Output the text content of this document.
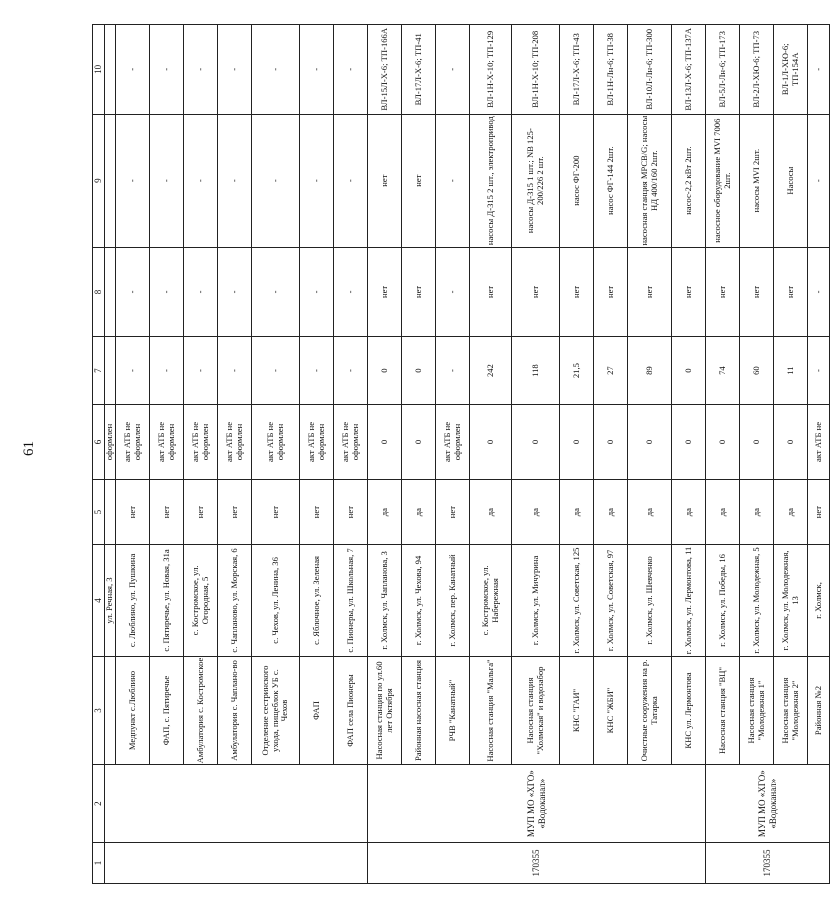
61
1	2	3	4	5	6	7	8	9	10
			ул. Речная, 3		оформлен				
		Медпункт с.Люблино	с. Люблино, ул. Пушкина	нет	акт АТБ не оформлен	-	-	-	-
		ФАП, с. Пятиречье	с. Пятиречье, ул. Новая, 31а	нет	акт АТБ не оформлен	-	-	-	-
		Амбулатория с. Костромское	с. Костромское, ул. Огородная, 5	нет	акт АТБ не оформлен	-	-	-	-
		Амбулатория с. Чаплано-во	с. Чапланово, ул. Морская, 6	нет	акт АТБ не оформлен	-	-	-	-
		Отделение сестринского ухода, пищеблок УБ с. Чехов	с. Чехов, ул. Ленина, 36	нет	акт АТБ не оформлен	-	-	-	-
		ФАП	с. Яблочное, ул. Зеленая	нет	акт АТБ не оформлен	-	-	-	-
		ФАП села Пионеры	с. Пионеры, ул. Школьная, 7	нет	акт АТБ не оформлен	-	-	-	-
170355	МУП МО «ХГО» «Водоканал»	Насосная станция по ул.60 лет Октября	г. Холмск, ул. Чапланова, 3	да	0	0	нет	нет	ВЛ-15Л-Х-6; ТП-166А
		Районная насосная станция	г. Холмск, ул. Чехова, 94	да	0	0	нет	нет	ВЛ-17Л-Х-6; ТП-41
		РЧВ "Канатный"	г. Холмск, пер. Канатный	нет	акт АТБ не оформлен	-	-	-	-
		Насосная станция "Мальга"	с. Костромское, ул. Набережная	да	0	242	нет	насосы Д-315 2 шт., электропривод	ВЛ-1Н-Х-10; ТП-129
		Насосная станция "Холмская" и водозабор	г. Холмск, ул. Мичурина	да	0	118	нет	насосы Д-315 1 шт.; NB 125-200/226 2 шт.	ВЛ-1Н-Х-10; ТП-208
		КНС "ГАИ"	г. Холмск, ул. Советская, 125	да	0	21,5	нет	насос ФГ-200	ВЛ-17Л-Х-6; ТП-43
		КНС "ЖБИ"	г. Холмск, ул. Советская, 97	да	0	27	нет	насос ФГ-144 2шт.	ВЛ-1Н-Лн-6; ТП-38
		Очистные сооружения на р. Татарка	г. Холмск, ул. Шевченко	да	0	89	нет	насосная станция MPCB/G; насосы НД 400/160 2шт.	ВЛ-10Л-Лн-6; ТП-300
		КНС ул. Лермонтова	г. Холмск, ул. Лермонтова, 11	да	0	0	нет	насос-2,2 кВт 2шт.	ВЛ-13Л-Х-6; ТП-137А
170355	МУП МО «ХГО» «Водоканал»	Насосная станция "ВЦ"	г. Холмск, ул. Победы, 16	да	0	74	нет	насосное оборудование MVI 7006 2шт.	ВЛ-5Л-Лн-6; ТП-173
		Насосная станция "Молодежная 1"	г. Холмск, ул. Молодежная, 5	да	0	60	нет	насосы MVI 2шт.	ВЛ-2Л-ХЮ-6; ТП-73
		Насосная станция "Молодежная 2"	г. Холмск, ул. Молодежная, 13	да	0	11	нет	Насосы	ВЛ-1Л-ХЮ-6; ТП-154А
		Районная №2	г. Холмск,	нет	акт АТБ не	-	-	-	-
